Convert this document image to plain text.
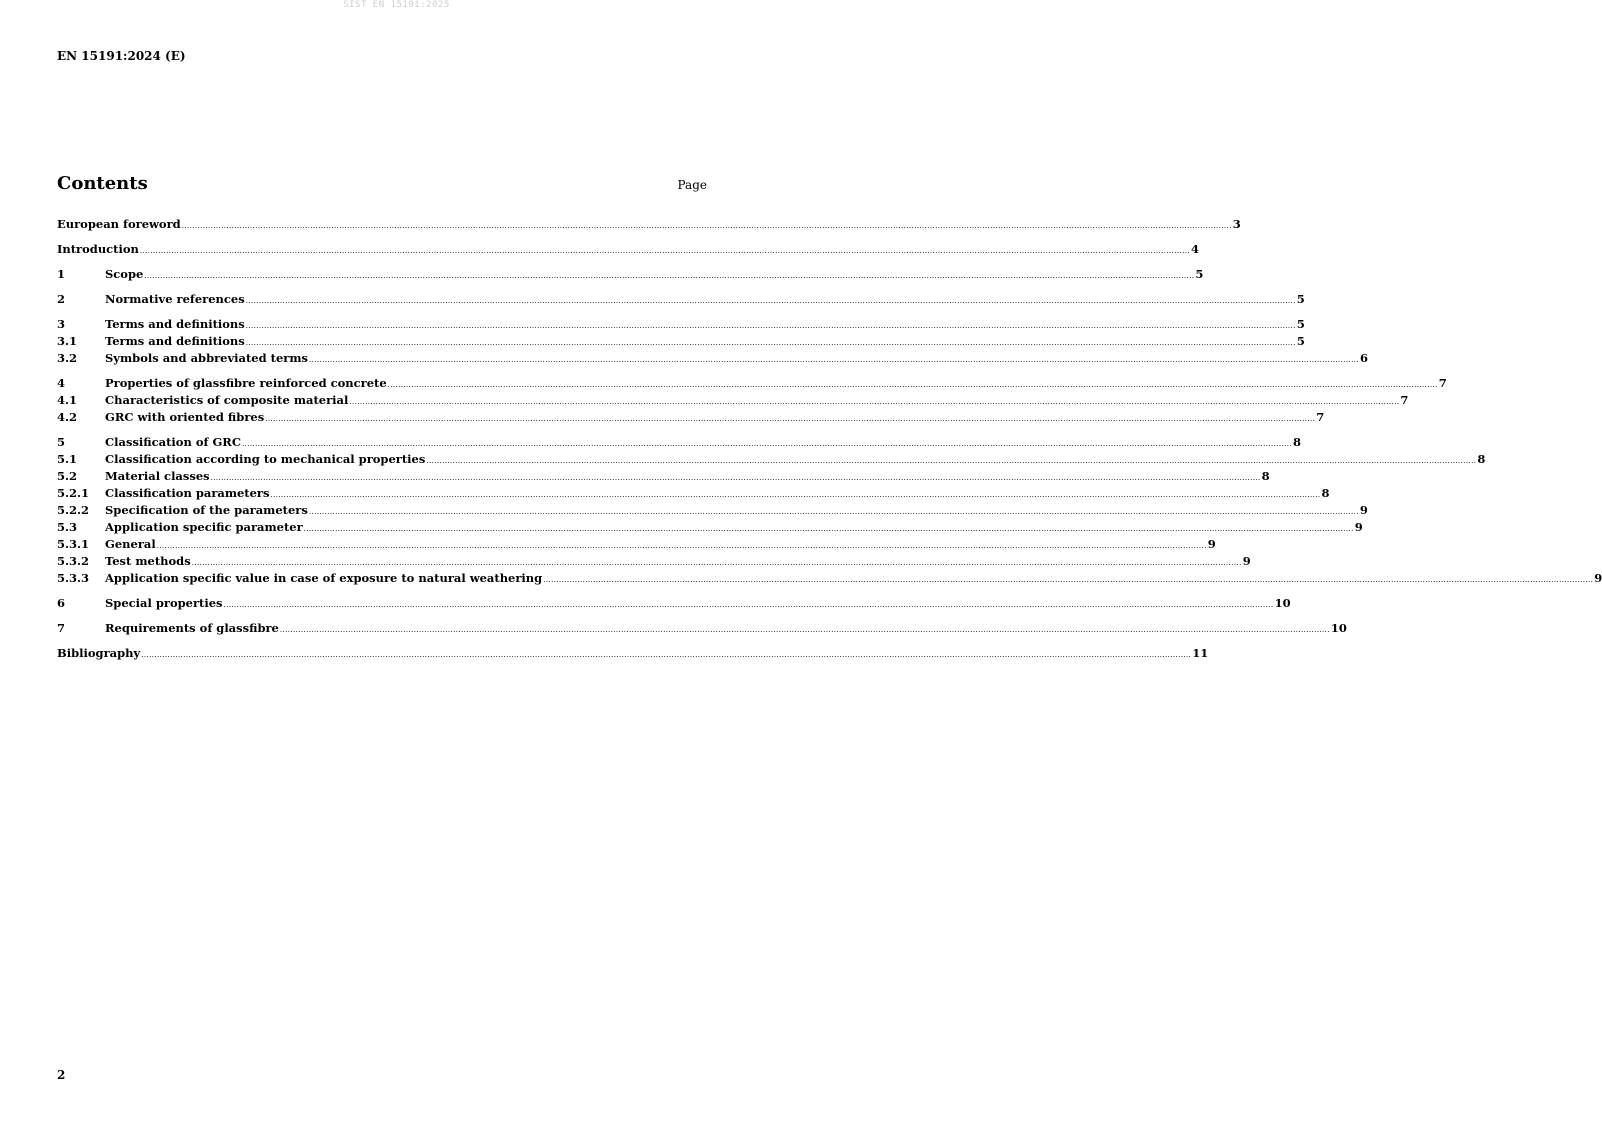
SIST EN 15191:2025
EN 15191:2024 (E)
Contents	Page
European foreword ................................................................................................................................................................................................................................................................................................................................................................................................................ 3
Introduction ................................................................................................................................................................................................................................................................................................................................................................................................................ 4
1	Scope ................................................................................................................................................................................................................................................................................................................................................................................................................ 5
2	Normative references ................................................................................................................................................................................................................................................................................................................................................................................................................ 5
3	Terms and definitions ................................................................................................................................................................................................................................................................................................................................................................................................................ 5
3.1	Terms and definitions ................................................................................................................................................................................................................................................................................................................................................................................................................ 5
3.2	Symbols and abbreviated terms ................................................................................................................................................................................................................................................................................................................................................................................................................ 6
4	Properties of glassfibre reinforced concrete ................................................................................................................................................................................................................................................................................................................................................................................................................ 7
4.1	Characteristics of composite material ................................................................................................................................................................................................................................................................................................................................................................................................................ 7
4.2	GRC with oriented fibres ................................................................................................................................................................................................................................................................................................................................................................................................................ 7
5	Classification of GRC ................................................................................................................................................................................................................................................................................................................................................................................................................ 8
5.1	Classification according to mechanical properties ................................................................................................................................................................................................................................................................................................................................................................................................................ 8
5.2	Material classes ................................................................................................................................................................................................................................................................................................................................................................................................................ 8
5.2.1	Classification parameters ................................................................................................................................................................................................................................................................................................................................................................................................................ 8
5.2.2	Specification of the parameters ................................................................................................................................................................................................................................................................................................................................................................................................................ 9
5.3	Application specific parameter ................................................................................................................................................................................................................................................................................................................................................................................................................ 9
5.3.1	General ................................................................................................................................................................................................................................................................................................................................................................................................................ 9
5.3.2	Test methods ................................................................................................................................................................................................................................................................................................................................................................................................................ 9
5.3.3	Application specific value in case of exposure to natural weathering ................................................................................................................................................................................................................................................................................................................................................................................................................ 9
6	Special properties ................................................................................................................................................................................................................................................................................................................................................................................................................ 10
7	Requirements of glassfibre ................................................................................................................................................................................................................................................................................................................................................................................................................ 10
Bibliography ................................................................................................................................................................................................................................................................................................................................................................................................................ 11
2
